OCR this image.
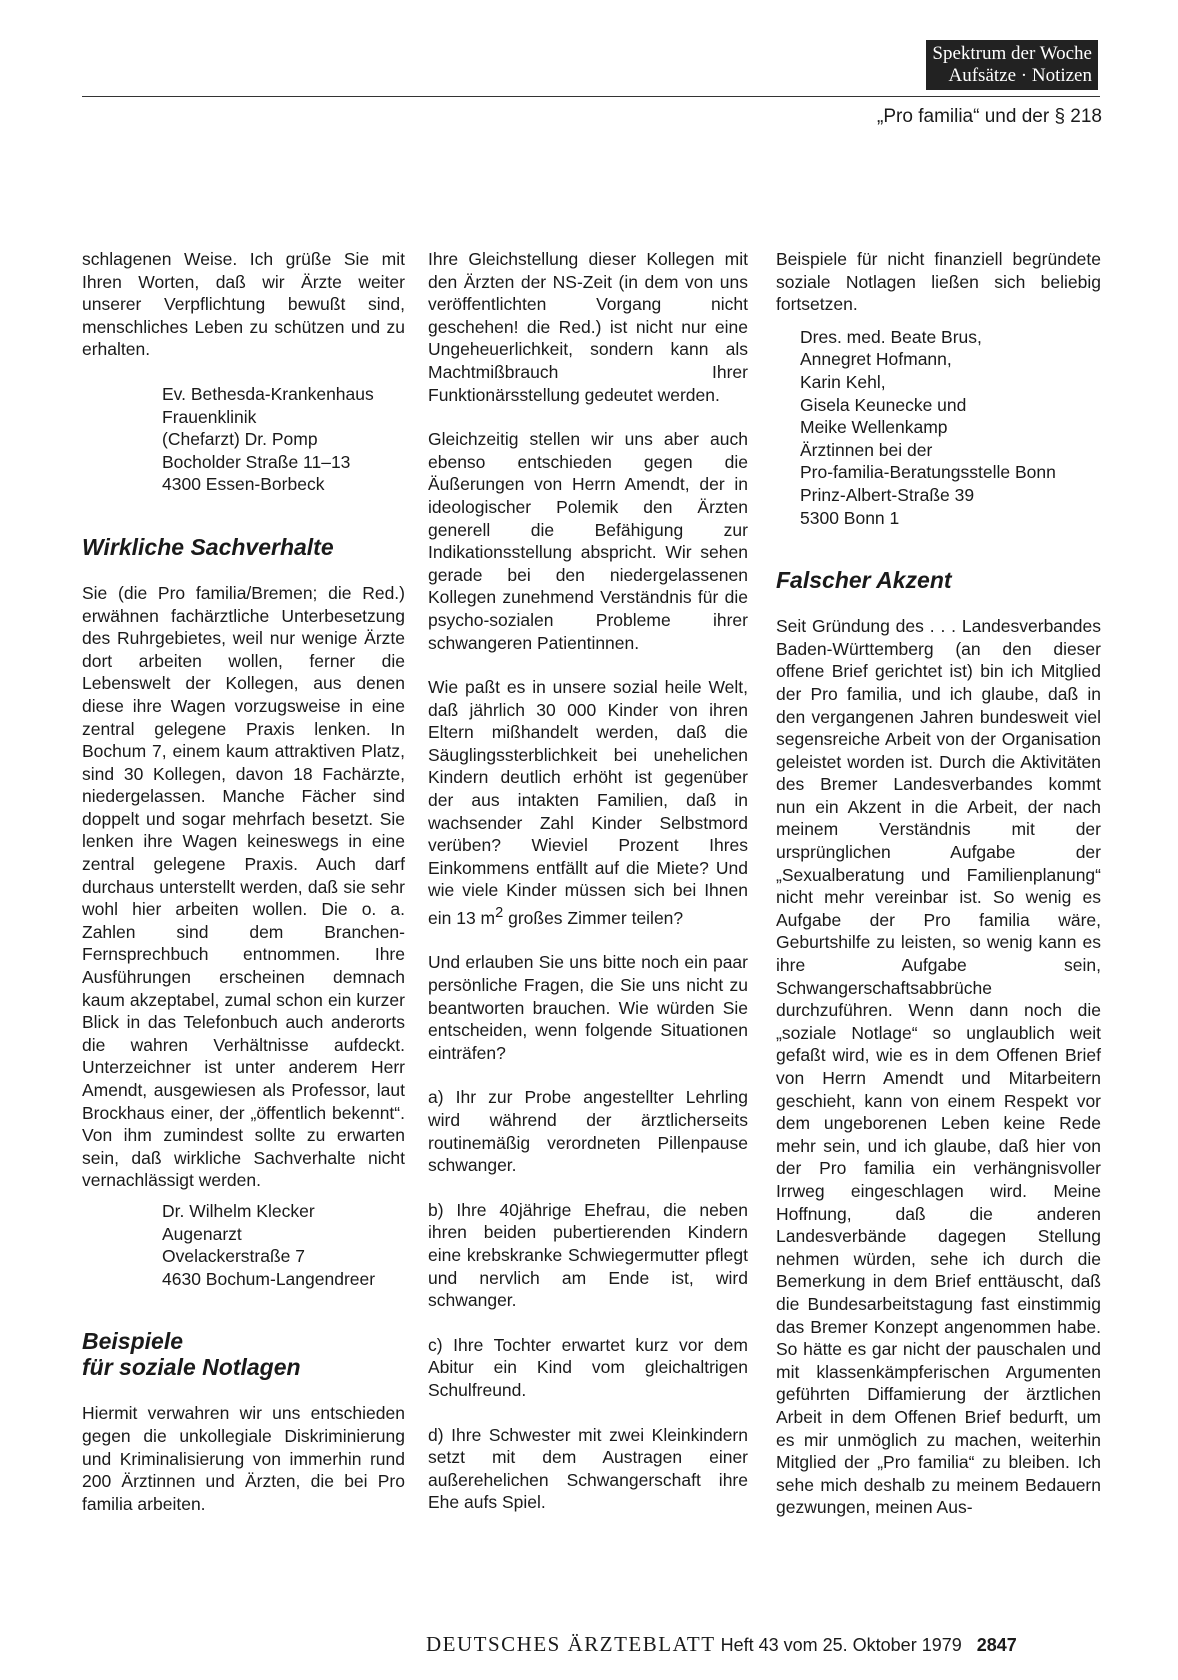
Spektrum der Woche
Aufsätze · Notizen
„Pro familia“ und der § 218

schlagenen Weise. Ich grüße Sie mit Ihren Worten, daß wir Ärzte weiter unserer Verpflichtung bewußt sind, menschliches Leben zu schützen und zu erhalten.

Ev. Bethesda-Krankenhaus
Frauenklinik
(Chefarzt) Dr. Pomp
Bocholder Straße 11–13
4300 Essen-Borbeck
Wirkliche Sachverhalte

Sie (die Pro familia/Bremen; die Red.) erwähnen fachärztliche Unterbesetzung des Ruhrgebietes, weil nur wenige Ärzte dort arbeiten wollen, ferner die Lebenswelt der Kollegen, aus denen diese ihre Wagen vorzugsweise in eine zentral gelegene Praxis lenken. In Bochum 7, einem kaum attraktiven Platz, sind 30 Kollegen, davon 18 Fachärzte, niedergelassen. Manche Fächer sind doppelt und sogar mehrfach besetzt. Sie lenken ihre Wagen keineswegs in eine zentral gelegene Praxis. Auch darf durchaus unterstellt werden, daß sie sehr wohl hier arbeiten wollen. Die o. a. Zahlen sind dem Branchen-Fernsprechbuch entnommen. Ihre Ausführungen erscheinen demnach kaum akzeptabel, zumal schon ein kurzer Blick in das Telefonbuch auch anderorts die wahren Verhältnisse aufdeckt. Unterzeichner ist unter anderem Herr Amendt, ausgewiesen als Professor, laut Brockhaus einer, der „öffentlich bekennt“. Von ihm zumindest sollte zu erwarten sein, daß wirkliche Sachverhalte nicht vernachlässigt werden.

Dr. Wilhelm Klecker
Augenarzt
Ovelackerstraße 7
4630 Bochum-Langendreer
Beispiele
für soziale Notlagen

Hiermit verwahren wir uns entschieden gegen die unkollegiale Diskriminierung und Kriminalisierung von immerhin rund 200 Ärztinnen und Ärzten, die bei Pro familia arbeiten.

Ihre Gleichstellung dieser Kollegen mit den Ärzten der NS-Zeit (in dem von uns veröffentlichten Vorgang nicht geschehen! die Red.) ist nicht nur eine Ungeheuerlichkeit, sondern kann als Machtmißbrauch Ihrer Funktionärsstellung gedeutet werden.

Gleichzeitig stellen wir uns aber auch ebenso entschieden gegen die Äußerungen von Herrn Amendt, der in ideologischer Polemik den Ärzten generell die Befähigung zur Indikationsstellung abspricht. Wir sehen gerade bei den niedergelassenen Kollegen zunehmend Verständnis für die psycho-sozialen Probleme ihrer schwangeren Patientinnen.

Wie paßt es in unsere sozial heile Welt, daß jährlich 30 000 Kinder von ihren Eltern mißhandelt werden, daß die Säuglingssterblichkeit bei unehelichen Kindern deutlich erhöht ist gegenüber der aus intakten Familien, daß in wachsender Zahl Kinder Selbstmord verüben? Wieviel Prozent Ihres Einkommens entfällt auf die Miete? Und wie viele Kinder müssen sich bei Ihnen ein 13 $m^2$ großes Zimmer teilen?

Und erlauben Sie uns bitte noch ein paar persönliche Fragen, die Sie uns nicht zu beantworten brauchen. Wie würden Sie entscheiden, wenn folgende Situationen einträfen?

a) Ihr zur Probe angestellter Lehrling wird während der ärztlicherseits routinemäßig verordneten Pillenpause schwanger.

b) Ihre 40jährige Ehefrau, die neben ihren beiden pubertierenden Kindern eine krebskranke Schwiegermutter pflegt und nervlich am Ende ist, wird schwanger.

c) Ihre Tochter erwartet kurz vor dem Abitur ein Kind vom gleichaltrigen Schulfreund.

d) Ihre Schwester mit zwei Kleinkindern setzt mit dem Austragen einer außerehelichen Schwangerschaft ihre Ehe aufs Spiel.

Beispiele für nicht finanziell begründete soziale Notlagen ließen sich beliebig fortsetzen.

Dres. med. Beate Brus,
Annegret Hofmann,
Karin Kehl,
Gisela Keunecke und
Meike Wellenkamp
Ärztinnen bei der
Pro-familia-Beratungsstelle Bonn
Prinz-Albert-Straße 39
5300 Bonn 1
Falscher Akzent

Seit Gründung des . . . Landesverbandes Baden-Württemberg (an den dieser offene Brief gerichtet ist) bin ich Mitglied der Pro familia, und ich glaube, daß in den vergangenen Jahren bundesweit viel segensreiche Arbeit von der Organisation geleistet worden ist. Durch die Aktivitäten des Bremer Landesverbandes kommt nun ein Akzent in die Arbeit, der nach meinem Verständnis mit der ursprünglichen Aufgabe der „Sexualberatung und Familienplanung“ nicht mehr vereinbar ist. So wenig es Aufgabe der Pro familia wäre, Geburtshilfe zu leisten, so wenig kann es ihre Aufgabe sein, Schwangerschaftsabbrüche durchzuführen. Wenn dann noch die „soziale Notlage“ so unglaublich weit gefaßt wird, wie es in dem Offenen Brief von Herrn Amendt und Mitarbeitern geschieht, kann von einem Respekt vor dem ungeborenen Leben keine Rede mehr sein, und ich glaube, daß hier von der Pro familia ein verhängnisvoller Irrweg eingeschlagen wird. Meine Hoffnung, daß die anderen Landesverbände dagegen Stellung nehmen würden, sehe ich durch die Bemerkung in dem Brief enttäuscht, daß die Bundesarbeitstagung fast einstimmig das Bremer Konzept angenommen habe. So hätte es gar nicht der pauschalen und mit klassenkämpferischen Argumenten geführten Diffamierung der ärztlichen Arbeit in dem Offenen Brief bedurft, um es mir unmöglich zu machen, weiterhin Mitglied der „Pro familia“ zu bleiben. Ich sehe mich deshalb zu meinem Bedauern gezwungen, meinen Aus-

DEUTSCHES ÄRZTEBLATT Heft 43 vom 25. Oktober 1979 2847
